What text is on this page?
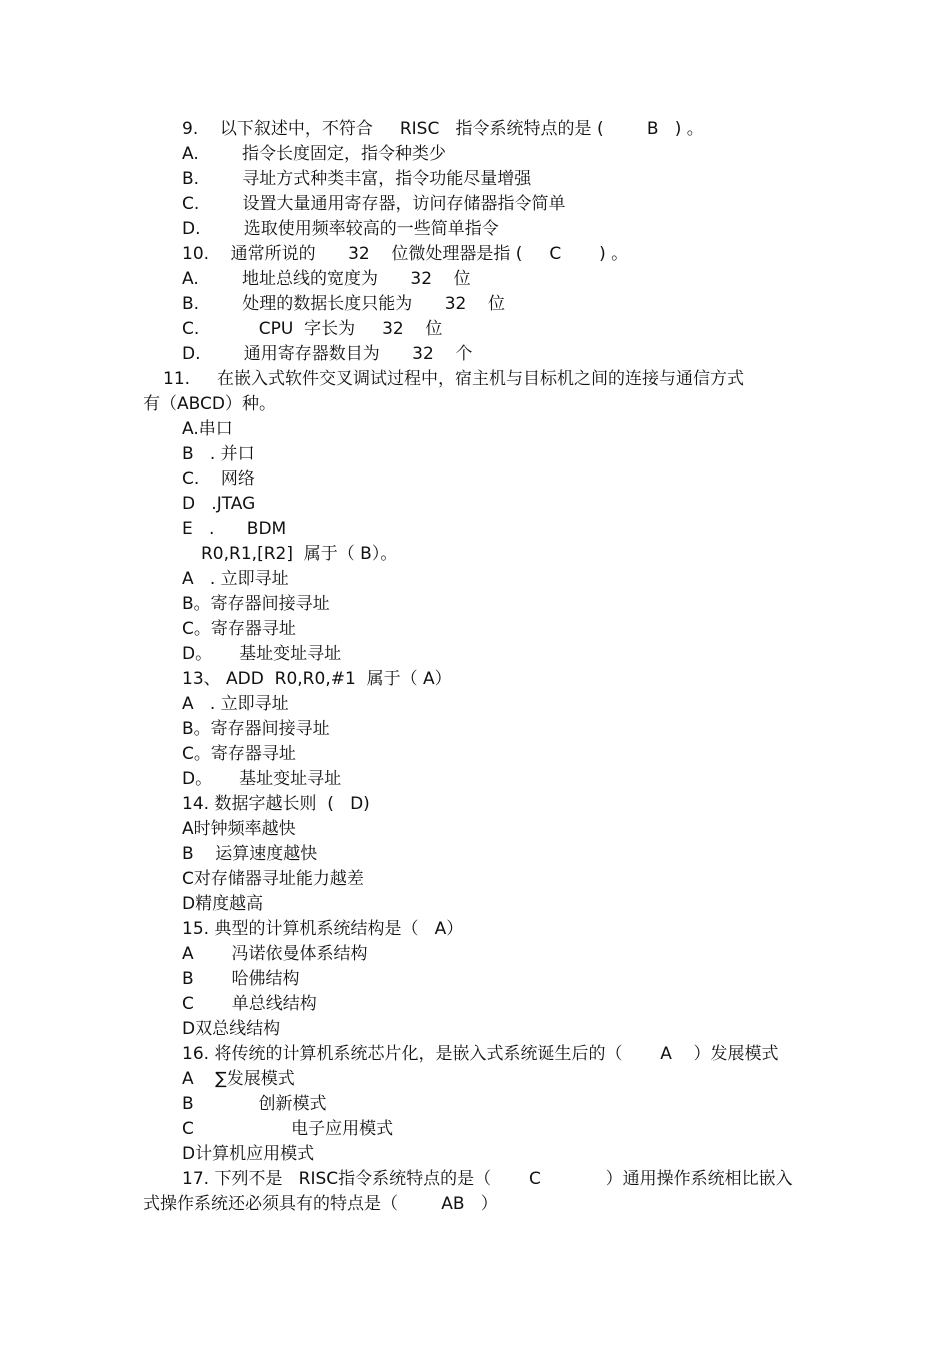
9.    以下叙述中，不符合     RISC   指令系统特点的是 (        B   ) 。
A.        指令长度固定，指令种类少
B.        寻址方式种类丰富，指令功能尽量增强
C.        设置大量通用寄存器，访问存储器指令简单
D.        选取使用频率较高的一些简单指令
10.    通常所说的      32    位微处理器是指 (     C       ) 。
A.        地址总线的宽度为      32    位
B.        处理的数据长度只能为      32    位
C.           CPU  字长为     32    位
D.        通用寄存器数目为      32    个
11.     在嵌入式软件交叉调试过程中，宿主机与目标机之间的连接与通信方式
有（ABCD）种。
A.串口
B   . 并口
C.    网络
D   .JTAG
E   .      BDM
R0,R1,[R2]  属于（ B）。
A   . 立即寻址
B。寄存器间接寻址
C。寄存器寻址
D。     基址变址寻址
13、 ADD  R0,R0,#1  属于（ A）
A   . 立即寻址
B。寄存器间接寻址
C。寄存器寻址
D。     基址变址寻址
14. 数据字越长则  (   D)
A时钟频率越快
B    运算速度越快
C对存储器寻址能力越差
D精度越高
15. 典型的计算机系统结构是（   A）
A       冯诺依曼体系结构
B       哈佛结构
C       单总线结构
D双总线结构
16. 将传统的计算机系统芯片化，是嵌入式系统诞生后的（       A    ）发展模式
A    ∑发展模式
B            创新模式
C                  电子应用模式
D计算机应用模式
17. 下列不是   RISC指令系统特点的是（       C            ）通用操作系统相比嵌入
式操作系统还必须具有的特点是（        AB   ）
